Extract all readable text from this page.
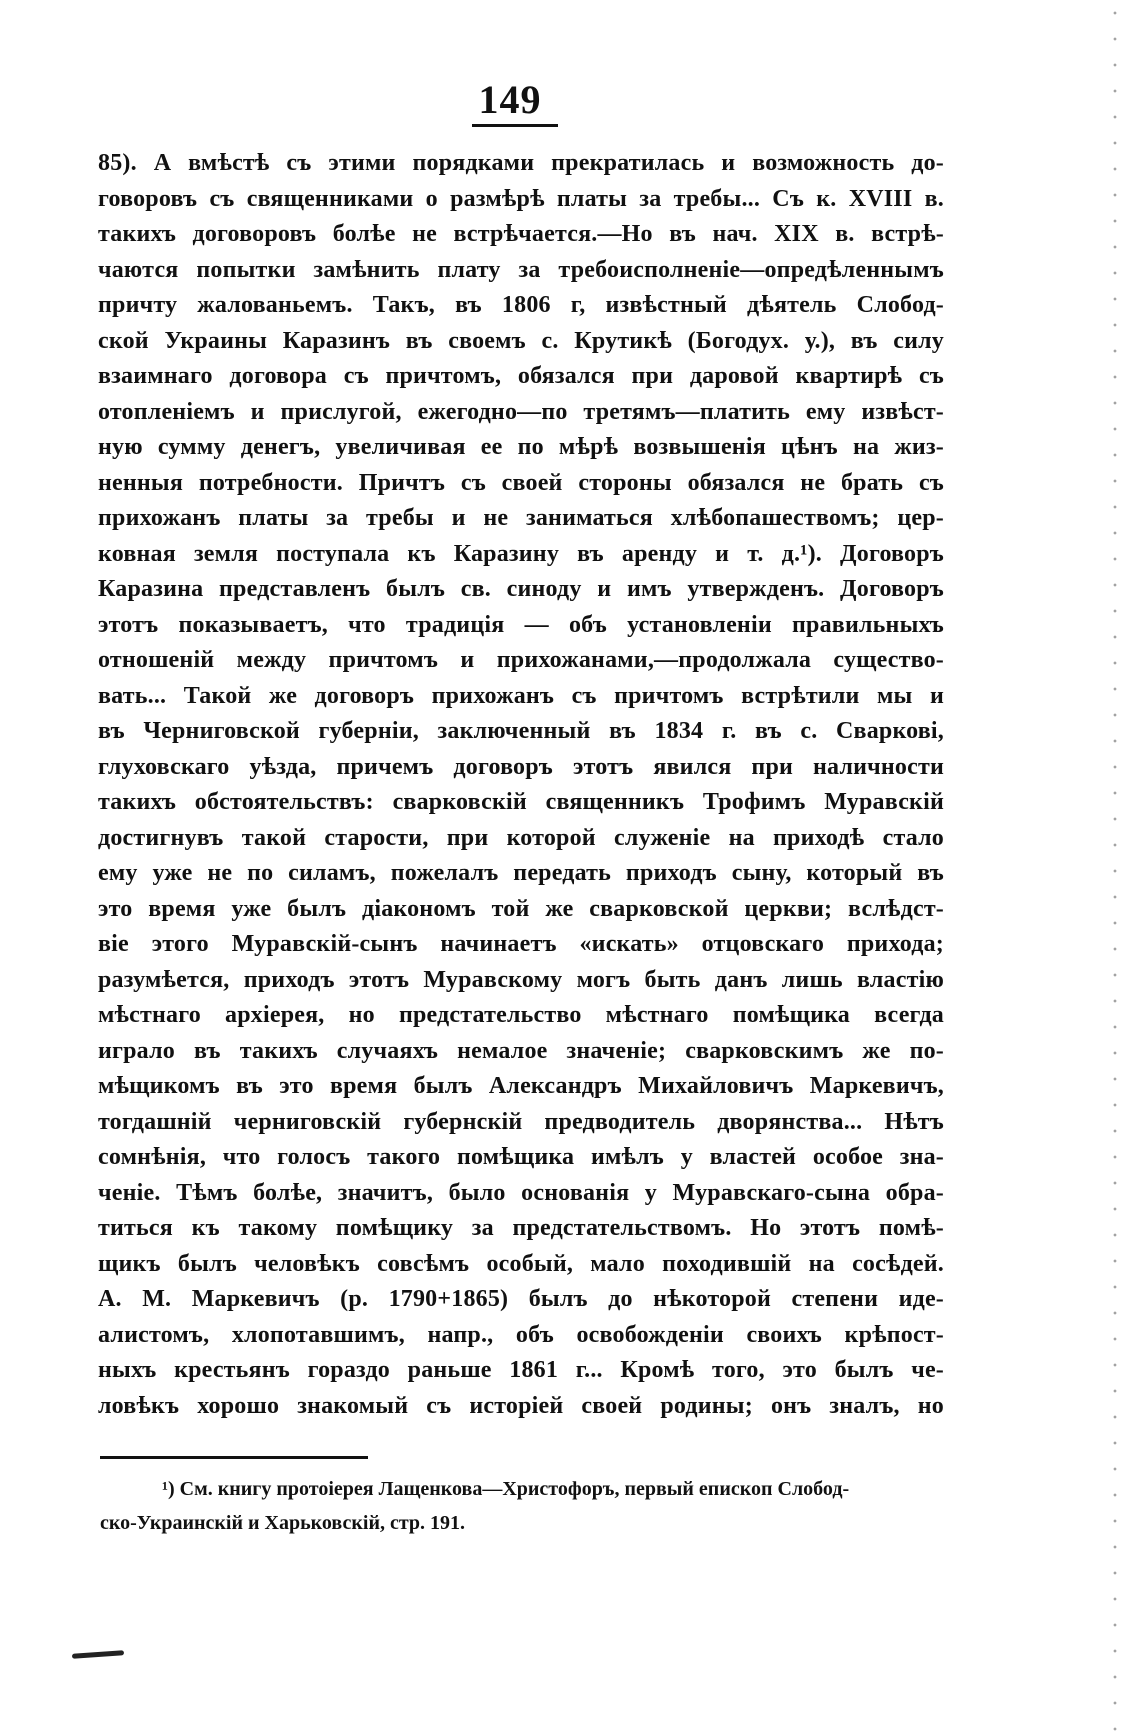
149
85). А вмѣстѣ съ этими порядками прекратилась и возможность до-
говоровъ съ священниками о размѣрѣ платы за требы... Съ к. XVIII в.
такихъ договоровъ болѣе не встрѣчается.—Но въ нач. XIX в. встрѣ-
чаются попытки замѣнить плату за требоисполненіе—опредѣленнымъ
причту жалованьемъ. Такъ, въ 1806 г, извѣстный дѣятель Слобод-
ской Украины Каразинъ въ своемъ с. Крутикѣ (Богодух. у.), въ силу
взаимнаго договора съ причтомъ, обязался при даровой квартирѣ съ
отопленіемъ и прислугой, ежегодно—по третямъ—платить ему извѣст-
ную сумму денегъ, увеличивая ее по мѣрѣ возвышенія цѣнъ на жиз-
ненныя потребности. Причтъ съ своей стороны обязался не брать съ
прихожанъ платы за требы и не заниматься хлѣбопашествомъ; цер-
ковная земля поступала къ Каразину въ аренду и т. д.¹). Договоръ
Каразина представленъ былъ св. синоду и имъ утвержденъ. Договоръ
этотъ показываетъ, что традиція — объ установленіи правильныхъ
отношеній между причтомъ и прихожанами,—продолжала существо-
вать... Такой же договоръ прихожанъ съ причтомъ встрѣтили мы и
въ Черниговской губерніи, заключенный въ 1834 г. въ с. Сваркові,
глуховскаго уѣзда, причемъ договоръ этотъ явился при наличности
такихъ обстоятельствъ: сварковскій священникъ Трофимъ Муравскій
достигнувъ такой старости, при которой служеніе на приходѣ стало
ему уже не по силамъ, пожелалъ передать приходъ сыну, который въ
это время уже былъ діакономъ той же сварковской церкви; вслѣдст-
віе этого Муравскій-сынъ начинаетъ «искать» отцовскаго прихода;
разумѣется, приходъ этотъ Муравскому могъ быть данъ лишь властію
мѣстнаго архіерея, но предстательство мѣстнаго помѣщика всегда
играло въ такихъ случаяхъ немалое значеніе; сварковскимъ же по-
мѣщикомъ въ это время былъ Александръ Михайловичъ Маркевичъ,
тогдашній черниговскій губернскій предводитель дворянства... Нѣтъ
сомнѣнія, что голосъ такого помѣщика имѣлъ у властей особое зна-
ченіе. Тѣмъ болѣе, значитъ, было основанія у Муравскаго-сына обра-
титься къ такому помѣщику за предстательствомъ. Но этотъ помѣ-
щикъ былъ человѣкъ совсѣмъ особый, мало походившій на сосѣдей.
А. М. Маркевичъ (р. 1790+1865) былъ до нѣкоторой степени иде-
алистомъ, хлопотавшимъ, напр., объ освобожденіи своихъ крѣпост-
ныхъ крестьянъ гораздо раньше 1861 г... Кромѣ того, это былъ че-
ловѣкъ хорошо знакомый съ исторіей своей родины; онъ зналъ, но
¹) См. книгу протоіерея Лащенкова—Христофоръ, первый епископ Слобод-
ско-Украинскій и Харьковскій, стр. 191.
